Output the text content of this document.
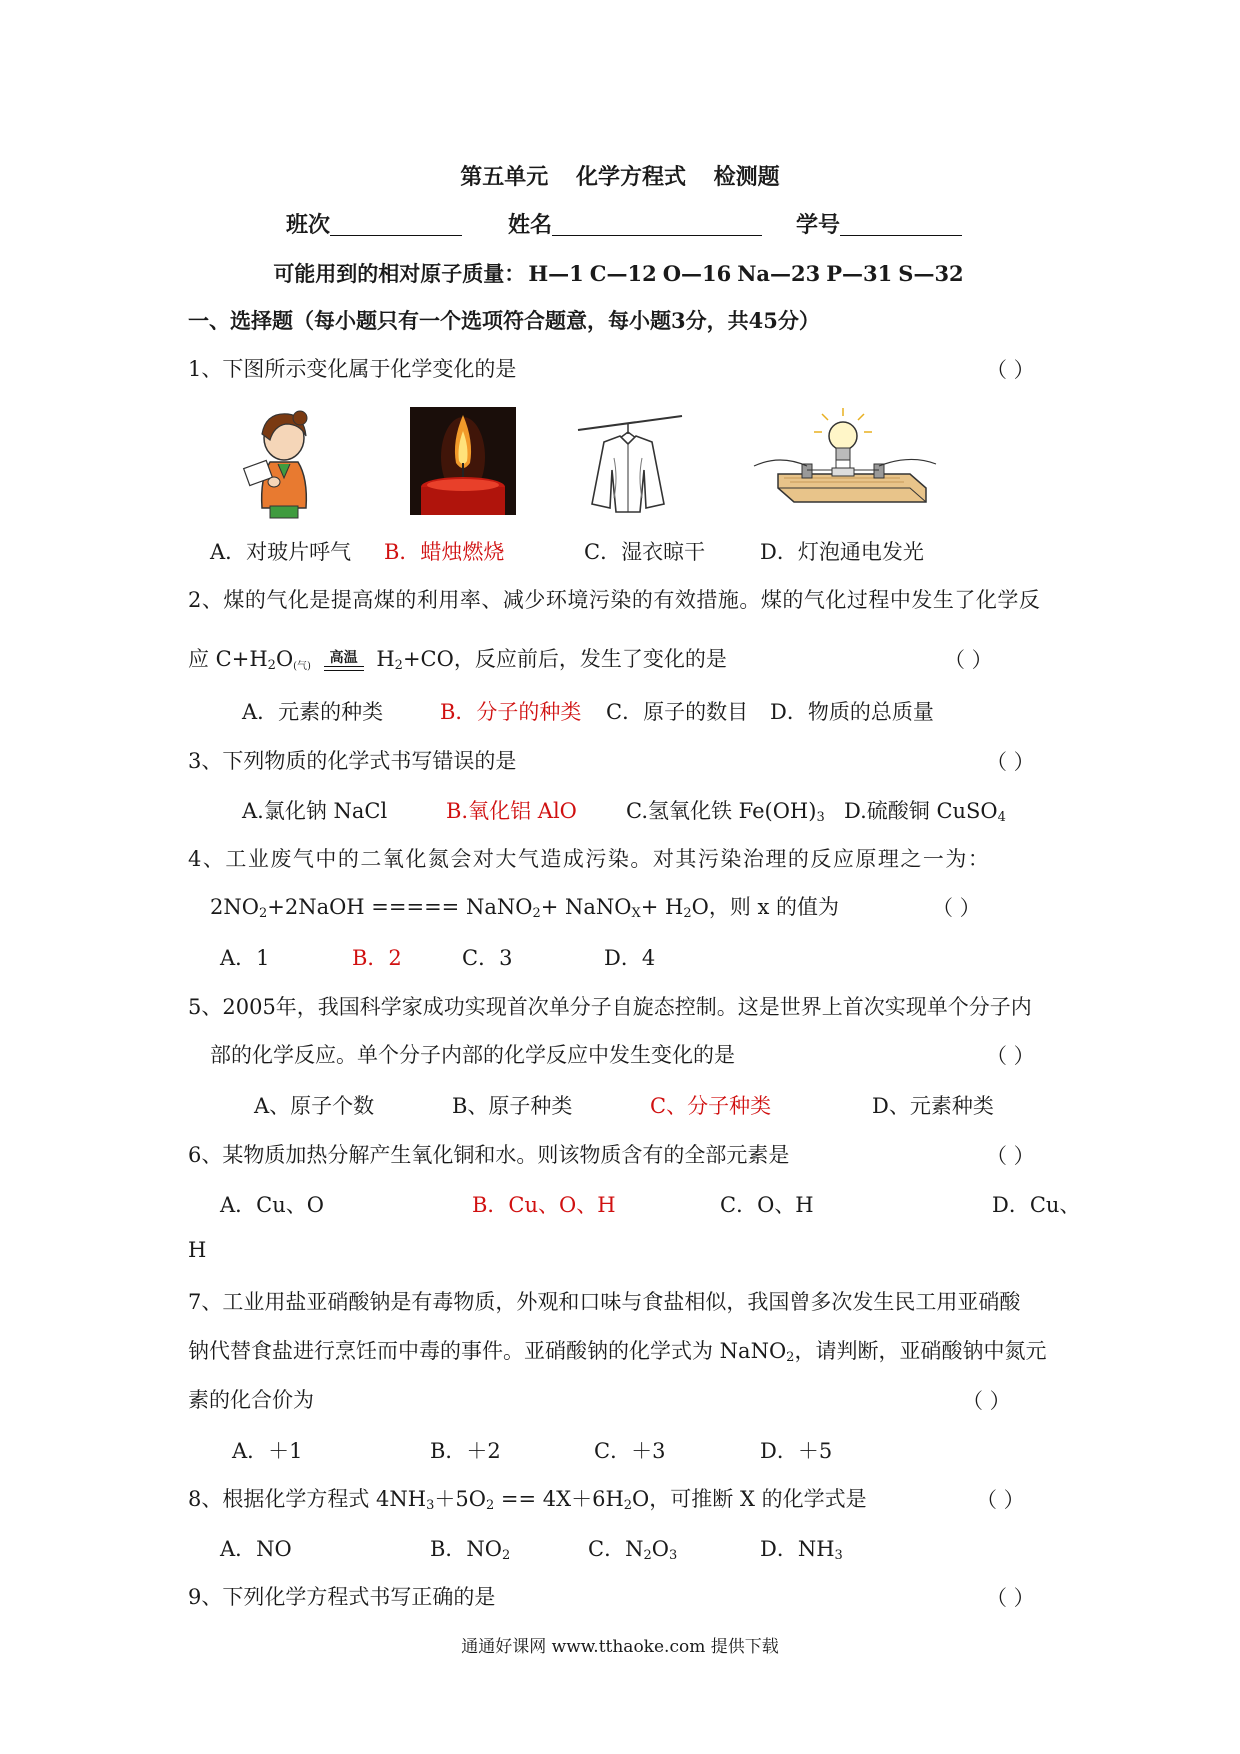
第五单元 化学方程式 检测题
班次	姓名	学号
可能用到的相对原子质量： H—1 C—12 O—16 Na—23 P—31 S—32
一、选择题（每小题只有一个选项符合题意，每小题3分，共45分）
1、下图所示变化属于化学变化的是	（ ）
A．对玻片呼气 B．蜡烛燃烧	C．湿衣晾干	D．灯泡通电发光
2、煤的气化是提高煤的利用率、减少环境污染的有效措施。煤的气化过程中发生了化学反
应 $C+H_2O_{(气)}$
高温 $H_2+CO$，反应前后，发生了变化的是	（ ）
A．元素的种类	B．分子的种类 C．原子的数目 D．物质的总质量
3、下列物质的化学式书写错误的是	（ ）
A.氯化钠 NaCl	B.氧化铝 AlO C.氢氧化铁 $Fe(OH)_3$ D.硫酸铜 CuSO$_4$
4、工业废气中的二氧化氮会对大气造成污染。对其污染治理的反应原理之一为：
$2NO_2+2NaOH$ ===== NaNO$_2$+ NaNO$_X$+ $H_2O$，则 x 的值为	（ ）
A．1	B．2	C．3	D．4
5、2005年，我国科学家成功实现首次单分子自旋态控制。这是世界上首次实现单个分子内
部的化学反应。单个分子内部的化学反应中发生变化的是	（ ）
A、原子个数	B、原子种类	C、分子种类	D、元素种类
6、某物质加热分解产生氧化铜和水。则该物质含有的全部元素是	（ ）
A．Cu、O	B．Cu、O、H	C．O、H	D．Cu、
H
7、工业用盐亚硝酸钠是有毒物质，外观和口味与食盐相似，我国曾多次发生民工用亚硝酸
钠代替食盐进行烹饪而中毒的事件。亚硝酸钠的化学式为 NaNO$_2$，请判断，亚硝酸钠中氮元
素的化合价为	（ ）
A．＋1	B．＋2	C．＋3	D．＋5
8、根据化学方程式 $4NH_3+5O_2 == 4X+6H_2O$，可推断 X 的化学式是	（ ）
A．NO	B．$NO_2$	C．$N_2O_3$	D．$NH_3$
9、下列化学方程式书写正确的是	（ ）
通通好课网 www.tthaoke.com 提供下载
